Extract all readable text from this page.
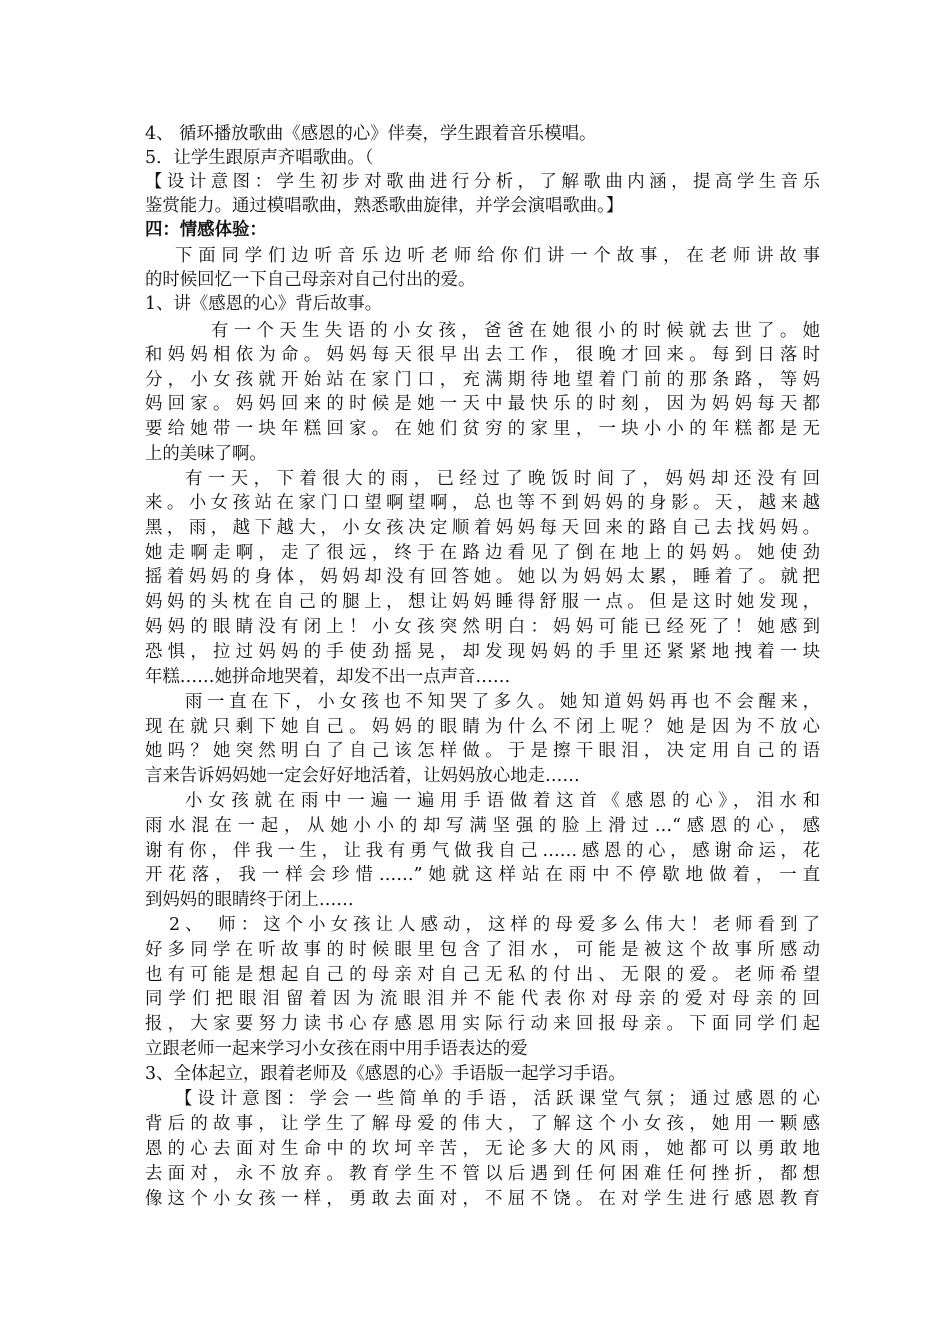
4、 循环播放歌曲《感恩的心》伴奏，学生跟着音乐模唱。
5．让学生跟原声齐唱歌曲。（
【设计意图：学生初步对歌曲进行分析，了解歌曲内涵，提高学生音乐
鉴赏能力。通过模唱歌曲，熟悉歌曲旋律，并学会演唱歌曲。】
四：情感体验：
下面同学们边听音乐边听老师给你们讲一个故事，在老师讲故事
的时候回忆一下自己母亲对自己付出的爱。
1、讲《感恩的心》背后故事。
有一个天生失语的小女孩，爸爸在她很小的时候就去世了。她
和妈妈相依为命。妈妈每天很早出去工作，很晚才回来。每到日落时
分，小女孩就开始站在家门口，充满期待地望着门前的那条路，等妈
妈回家。妈妈回来的时候是她一天中最快乐的时刻，因为妈妈每天都
要给她带一块年糕回家。在她们贫穷的家里，一块小小的年糕都是无
上的美味了啊。
有一天，下着很大的雨，已经过了晚饭时间了，妈妈却还没有回
来。小女孩站在家门口望啊望啊，总也等不到妈妈的身影。天，越来越
黑，雨，越下越大，小女孩决定顺着妈妈每天回来的路自己去找妈妈。
她走啊走啊，走了很远，终于在路边看见了倒在地上的妈妈。她使劲
摇着妈妈的身体，妈妈却没有回答她。她以为妈妈太累，睡着了。就把
妈妈的头枕在自己的腿上，想让妈妈睡得舒服一点。但是这时她发现，
妈妈的眼睛没有闭上！小女孩突然明白：妈妈可能已经死了！她感到
恐惧，拉过妈妈的手使劲摇晃，却发现妈妈的手里还紧紧地拽着一块
年糕……她拼命地哭着，却发不出一点声音……
雨一直在下，小女孩也不知哭了多久。她知道妈妈再也不会醒来，
现在就只剩下她自己。妈妈的眼睛为什么不闭上呢？她是因为不放心
她吗？她突然明白了自己该怎样做。于是擦干眼泪，决定用自己的语
言来告诉妈妈她一定会好好地活着，让妈妈放心地走……
小女孩就在雨中一遍一遍用手语做着这首《感恩的心》，泪水和
雨水混在一起，从她小小的却写满坚强的脸上滑过…“感恩的心，感
谢有你，伴我一生，让我有勇气做我自己……感恩的心，感谢命运，花
开花落，我一样会珍惜……”她就这样站在雨中不停歇地做着，一直
到妈妈的眼睛终于闭上……
2、 师：这个小女孩让人感动，这样的母爱多么伟大！老师看到了
好多同学在听故事的时候眼里包含了泪水，可能是被这个故事所感动
也有可能是想起自己的母亲对自己无私的付出、无限的爱。老师希望
同学们把眼泪留着因为流眼泪并不能代表你对母亲的爱对母亲的回
报，大家要努力读书心存感恩用实际行动来回报母亲。下面同学们起
立跟老师一起来学习小女孩在雨中用手语表达的爱
3、全体起立，跟着老师及《感恩的心》手语版一起学习手语。
【设计意图：学会一些简单的手语，活跃课堂气氛；通过感恩的心
背后的故事，让学生了解母爱的伟大，了解这个小女孩，她用一颗感
恩的心去面对生命中的坎坷辛苦，无论多大的风雨，她都可以勇敢地
去面对，永不放弃。教育学生不管以后遇到任何困难任何挫折，都想
像这个小女孩一样，勇敢去面对，不屈不饶。在对学生进行感恩教育
